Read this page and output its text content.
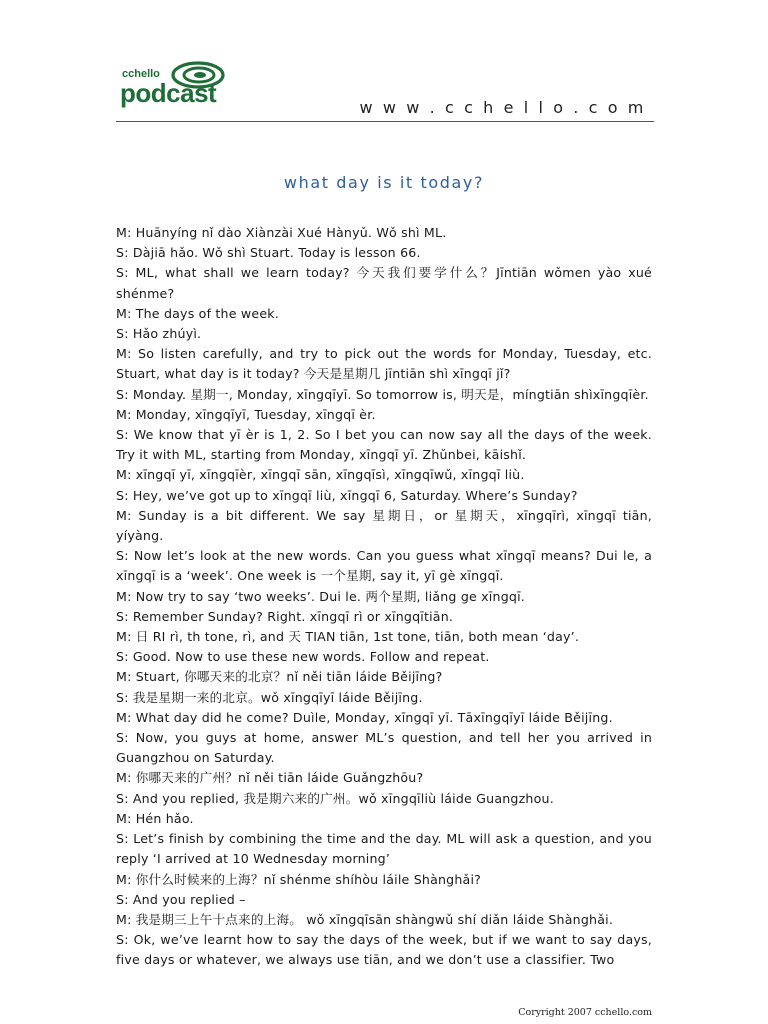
cchello
podcast	w w w . c c h e l l o . c o m
what day is it today?
M: Huānyíng nǐ dào Xiànzài Xué Hànyǔ. Wǒ shì ML.
S: Dàjiā hǎo. Wǒ shì Stuart. Today is lesson 66.
S: ML, what shall we learn today? 今天我们要学什么？Jīntiān wǒmen yào xué shénme?
M: The days of the week.
S: Hǎo zhúyì.
M: So listen carefully, and try to pick out the words for Monday, Tuesday, etc. Stuart, what day is it today? 今天是星期几 jīntiān shì xīngqī jǐ?
S: Monday. 星期一, Monday, xīngqīyī. So tomorrow is, 明天是，míngtiān shìxīngqīèr.
M: Monday, xīngqīyī, Tuesday, xīngqī èr.
S: We know that yī èr is 1, 2. So I bet you can now say all the days of the week. Try it with ML, starting from Monday, xīngqī yī. Zhǔnbei, kāishǐ.
M: xīngqī yī, xīngqīèr, xīngqī sān, xīngqīsì, xīngqīwǔ, xīngqī liù.
S: Hey, we’ve got up to xīngqī liù, xīngqī 6, Saturday. Where’s Sunday?
M: Sunday is a bit different. We say 星期日，or 星期天，xīngqīrì, xīngqī tiān, yíyàng.
S: Now let’s look at the new words. Can you guess what xīngqī means? Dui le, a xīngqī is a ‘week’. One week is 一个星期, say it, yī gè xīngqī.
M: Now try to say ‘two weeks’. Dui le. 两个星期, liǎng ge xīngqī.
S: Remember Sunday? Right. xīngqī rì or xīngqītiān.
M: 日 RI rì, th tone, rì, and 天 TIAN tiān, 1st tone, tiān, both mean ‘day’.
S: Good. Now to use these new words. Follow and repeat.
M: Stuart, 你哪天来的北京？nǐ něi tiān láide Běijīng?
S: 我是星期一来的北京。wǒ xīngqīyī láide Běijīng.
M: What day did he come? Duìle, Monday, xīngqī yī. Tāxīngqīyī láide Běijīng.
S: Now, you guys at home, answer ML’s question, and tell her you arrived in Guangzhou on Saturday.
M: 你哪天来的广州？nǐ něi tiān láide Guǎngzhōu?
S: And you replied, 我是期六来的广州。wǒ xīngqīliù láide Guangzhou.
M: Hén hǎo.
S: Let’s finish by combining the time and the day. ML will ask a question, and you reply ‘I arrived at 10 Wednesday morning’
M: 你什么时候来的上海？nǐ shénme shíhòu láile Shànghǎi?
S: And you replied –
M: 我是期三上午十点来的上海。 wǒ xīngqīsān shàngwǔ shí diǎn láide Shànghǎi.
S: Ok, we’ve learnt how to say the days of the week, but if we want to say days, five days or whatever, we always use tiān, and we don’t use a classifier. Two
Coryright 2007 cchello.com
